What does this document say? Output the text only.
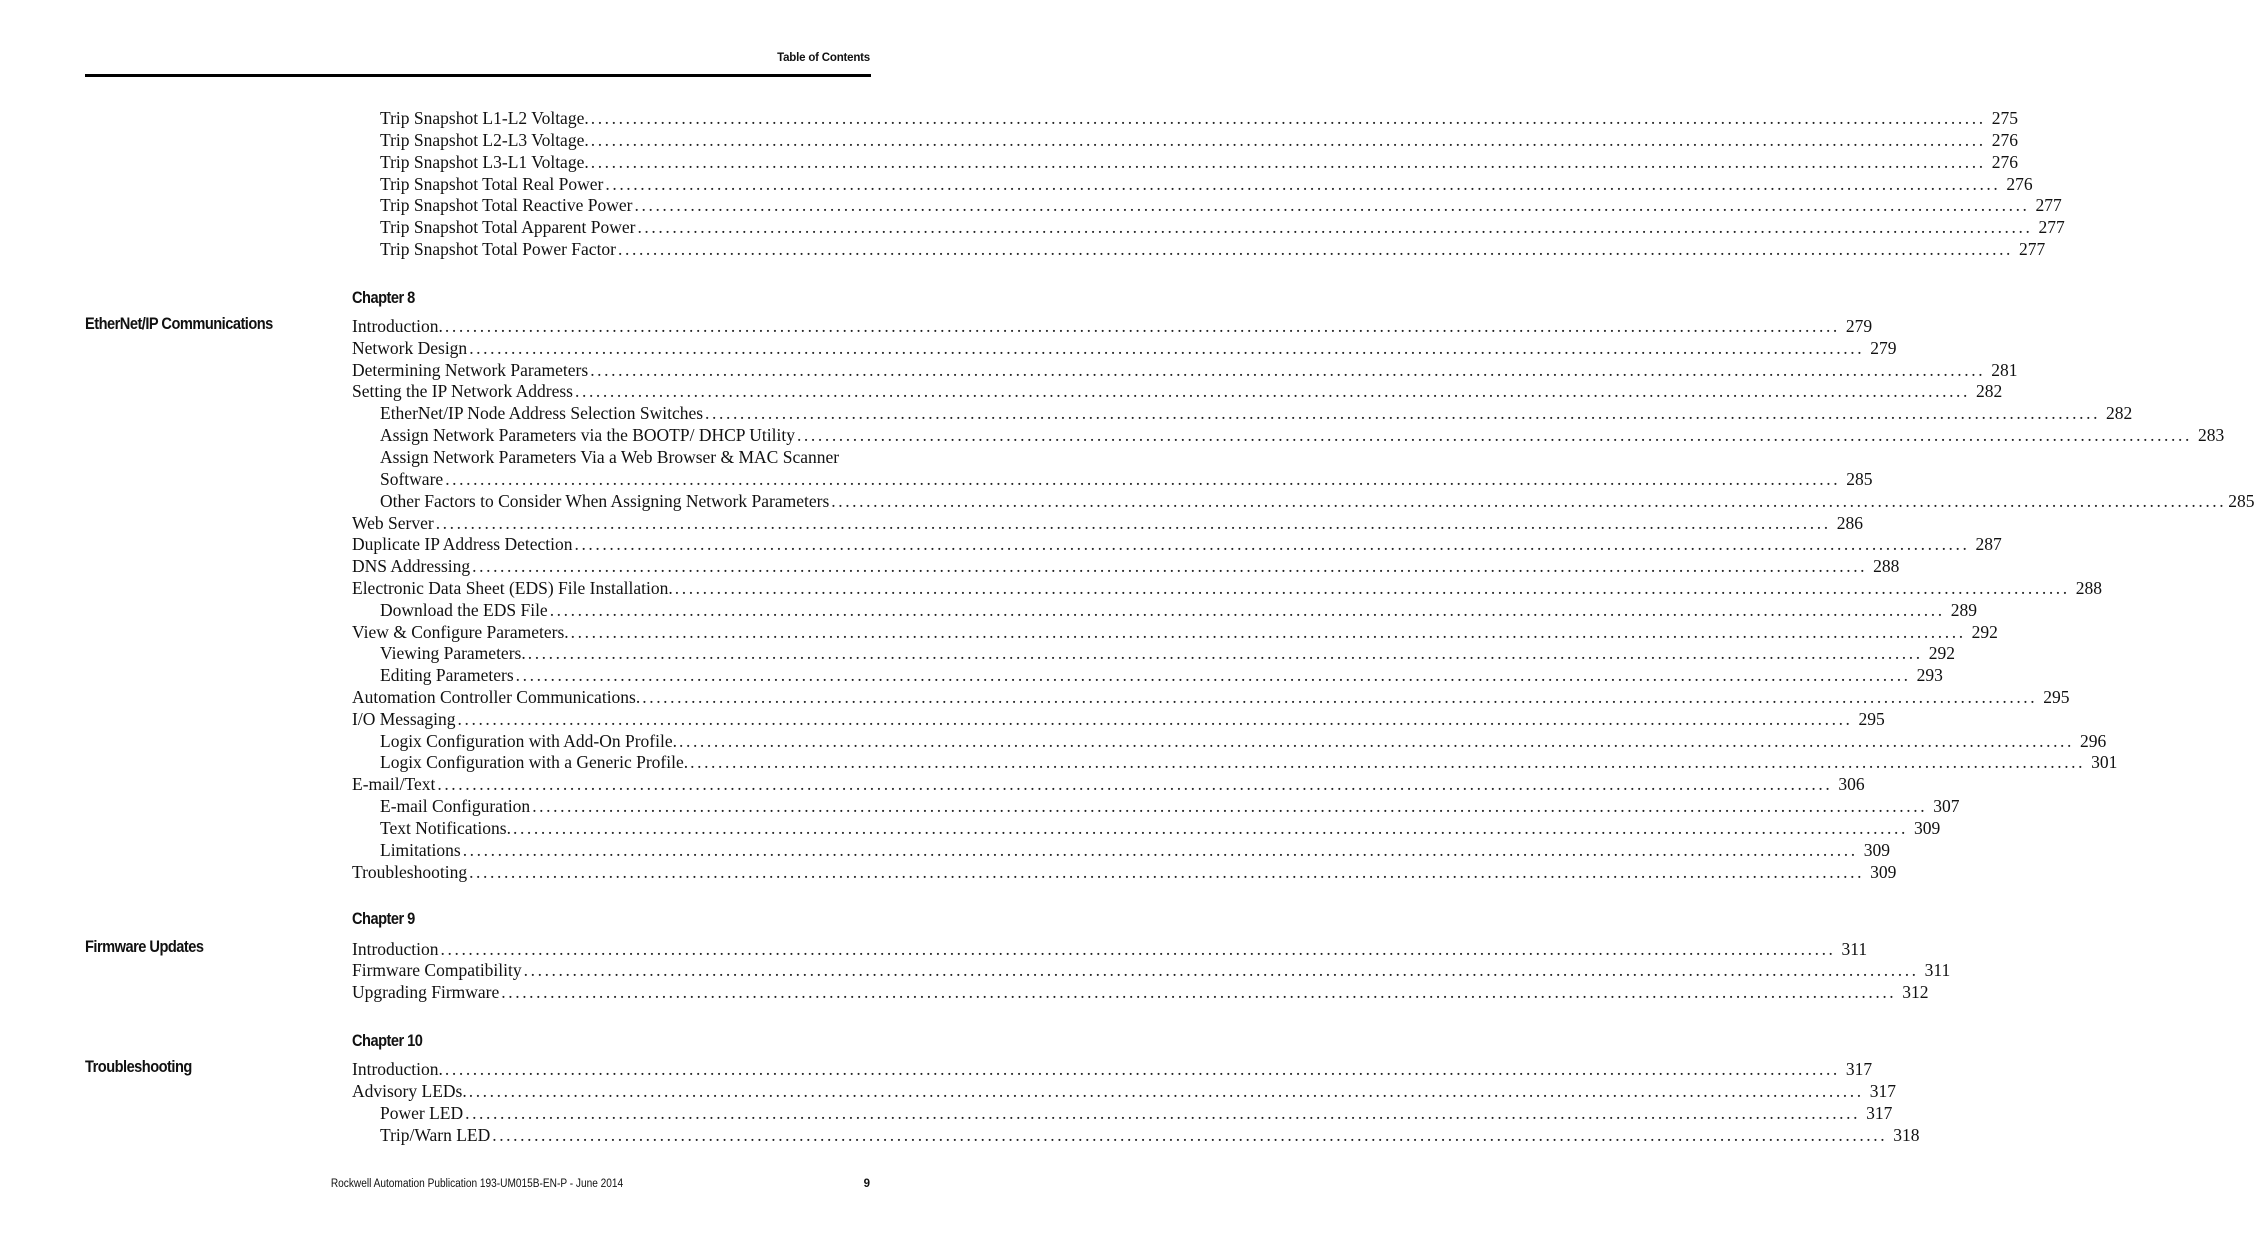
Table of Contents
Trip Snapshot L1-L2 Voltage. ........................................................................................................................................................................................................ 275
Trip Snapshot L2-L3 Voltage. ........................................................................................................................................................................................................ 276
Trip Snapshot L3-L1 Voltage. ........................................................................................................................................................................................................ 276
Trip Snapshot Total Real Power ........................................................................................................................................................................................................ 276
Trip Snapshot Total Reactive Power ........................................................................................................................................................................................................ 277
Trip Snapshot Total Apparent Power ........................................................................................................................................................................................................ 277
Trip Snapshot Total Power Factor ........................................................................................................................................................................................................ 277
Chapter 8
EtherNet/IP Communications	Introduction. ........................................................................................................................................................................................................ 279
Network Design ........................................................................................................................................................................................................ 279
Determining Network Parameters ........................................................................................................................................................................................................ 281
Setting the IP Network Address ........................................................................................................................................................................................................ 282
EtherNet/IP Node Address Selection Switches ........................................................................................................................................................................................................ 282
Assign Network Parameters via the BOOTP/ DHCP Utility ........................................................................................................................................................................................................ 283
Assign Network Parameters Via a Web Browser & MAC Scanner
Software ........................................................................................................................................................................................................ 285
Other Factors to Consider When Assigning Network Parameters ........................................................................................................................................................................................................ 285
Web Server ........................................................................................................................................................................................................ 286
Duplicate IP Address Detection ........................................................................................................................................................................................................ 287
DNS Addressing ........................................................................................................................................................................................................ 288
Electronic Data Sheet (EDS) File Installation. ........................................................................................................................................................................................................ 288
Download the EDS File ........................................................................................................................................................................................................ 289
View & Configure Parameters. ........................................................................................................................................................................................................ 292
Viewing Parameters. ........................................................................................................................................................................................................ 292
Editing Parameters ........................................................................................................................................................................................................ 293
Automation Controller Communications. ........................................................................................................................................................................................................ 295
I/O Messaging ........................................................................................................................................................................................................ 295
Logix Configuration with Add-On Profile. ........................................................................................................................................................................................................ 296
Logix Configuration with a Generic Profile. ........................................................................................................................................................................................................ 301
E-mail/Text ........................................................................................................................................................................................................ 306
E-mail Configuration ........................................................................................................................................................................................................ 307
Text Notifications. ........................................................................................................................................................................................................ 309
Limitations ........................................................................................................................................................................................................ 309
Troubleshooting ........................................................................................................................................................................................................ 309
Chapter 9
Firmware Updates	Introduction ........................................................................................................................................................................................................ 311
Firmware Compatibility ........................................................................................................................................................................................................ 311
Upgrading Firmware ........................................................................................................................................................................................................ 312
Chapter 10
Troubleshooting	Introduction. ........................................................................................................................................................................................................ 317
Advisory LEDs. ........................................................................................................................................................................................................ 317
Power LED ........................................................................................................................................................................................................ 317
Trip/Warn LED ........................................................................................................................................................................................................ 318
Rockwell Automation Publication 193-UM015B-EN-P - June 2014	9
